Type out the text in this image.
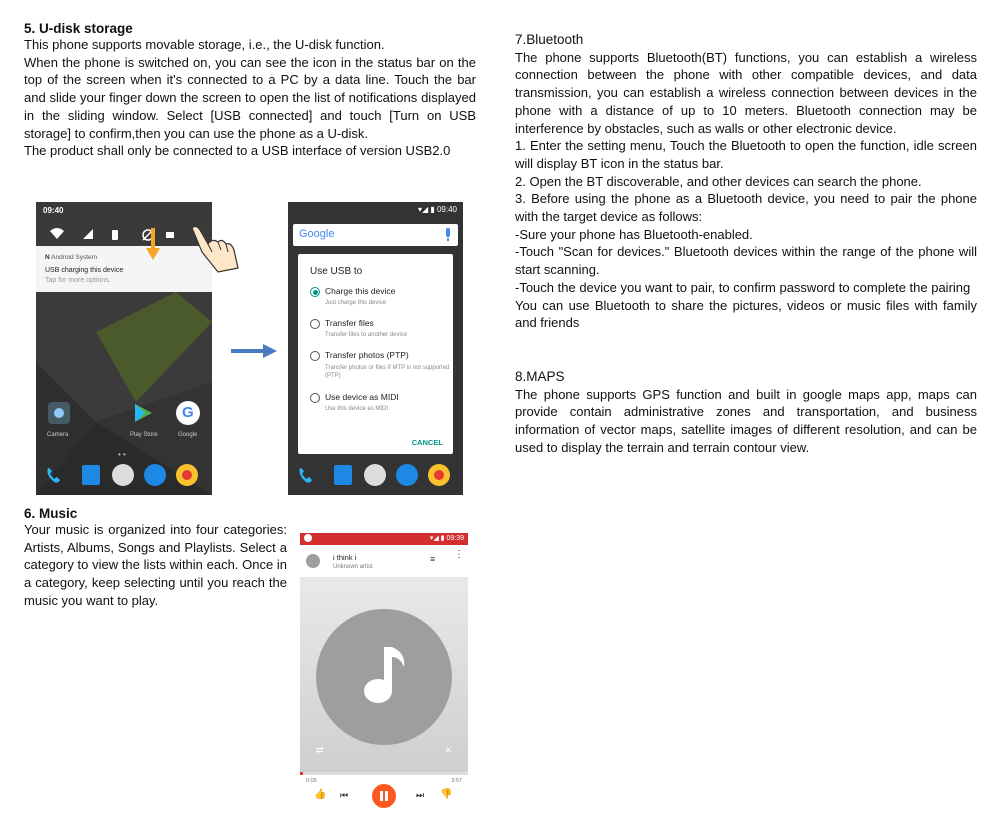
5. U-disk storage

This phone supports movable storage, i.e., the U-disk function.

When the phone is switched on, you can see the icon in the status bar on the top of the screen when it's connected to a PC by a data line. Touch the bar and slide your finger down the screen to open the list of notifications displayed in the sliding window. Select [USB connected] and touch [Turn on USB storage] to confirm,then you can use the phone as a U-disk.

The product shall only be connected to a USB interface of version USB2.0

09:40
N Android System
USB charging this device
Tap for more options.
G
Camera	Play Store	Google
• •
▾◢ ▮ 09:40
Google
Use USB to
Charge this device
Just charge this device
Transfer files
Transfer files to another device
Transfer photos (PTP)
Transfer photos or files if MTP is not supported (PTP)
Use device as MIDI
Use this device as MIDI
CANCEL

6. Music

Your music is organized into four categories: Artists, Albums, Songs and Playlists. Select a category to view the lists within each. Once in a category, keep selecting until you reach the music you want to play.

▾◢ ▮ 09:39
i think i
Unknown artist
≡ ⋮
⇄	✕
0:05	3:57
👍 ⏮	⏭ 👎

7.Bluetooth

The phone supports Bluetooth(BT) functions, you can establish a wireless connection between the phone with other compatible devices, and data transmission, you can establish a wireless connection between devices in the phone with a distance of up to 10 meters. Bluetooth connection may be interference by obstacles, such as walls or other electronic device.

1. Enter the setting menu, Touch the Bluetooth to open the function, idle screen will display BT icon in the status bar.

2. Open the BT discoverable, and other devices can search the phone.

3. Before using the phone as a Bluetooth device, you need to pair the phone with the target device as follows:

-Sure your phone has Bluetooth-enabled.

-Touch "Scan for devices." Bluetooth devices within the range of the phone will start scanning.

-Touch the device you want to pair, to confirm password to complete the pairing

You can use Bluetooth to share the pictures, videos or music files with family and friends

8.MAPS

The phone supports GPS function and built in google maps app, maps can provide contain administrative zones and transportation, and business information of vector maps, satellite images of different resolution, and can be used to display the terrain and terrain contour view.
